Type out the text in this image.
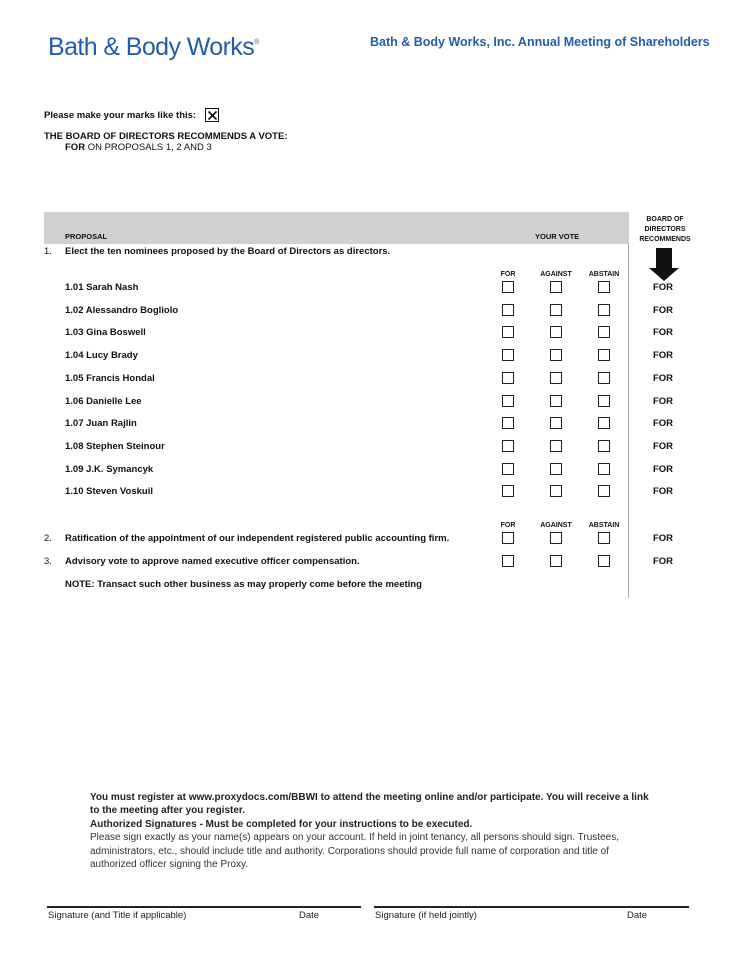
Bath & Body Works®	Bath & Body Works, Inc. Annual Meeting of Shareholders
Please make your marks like this:
THE BOARD OF DIRECTORS RECOMMENDS A VOTE:
FOR ON PROPOSALS 1, 2 AND 3
PROPOSAL	YOUR VOTE
BOARD OF DIRECTORS RECOMMENDS
1. Elect the ten nominees proposed by the Board of Directors as directors.
FOR	AGAINST	ABSTAIN
1.01 Sarah Nash	FOR
1.02 Alessandro Bogliolo	FOR
1.03 Gina Boswell	FOR
1.04 Lucy Brady	FOR
1.05 Francis Hondal	FOR
1.06 Danielle Lee	FOR
1.07 Juan Rajlin	FOR
1.08 Stephen Steinour	FOR
1.09 J.K. Symancyk	FOR
1.10 Steven Voskuil	FOR
FOR	AGAINST	ABSTAIN
2. Ratification of the appointment of our independent registered public accounting firm.	FOR
3. Advisory vote to approve named executive officer compensation.	FOR
NOTE: Transact such other business as may properly come before the meeting
You must register at www.proxydocs.com/BBWI to attend the meeting online and/or participate. You will receive a link to the meeting after you register.
Authorized Signatures - Must be completed for your instructions to be executed.
Please sign exactly as your name(s) appears on your account. If held in joint tenancy, all persons should sign. Trustees, administrators, etc., should include title and authority. Corporations should provide full name of corporation and title of authorized officer signing the Proxy.
Signature (and Title if applicable)	Date	Signature (if held jointly)	Date
